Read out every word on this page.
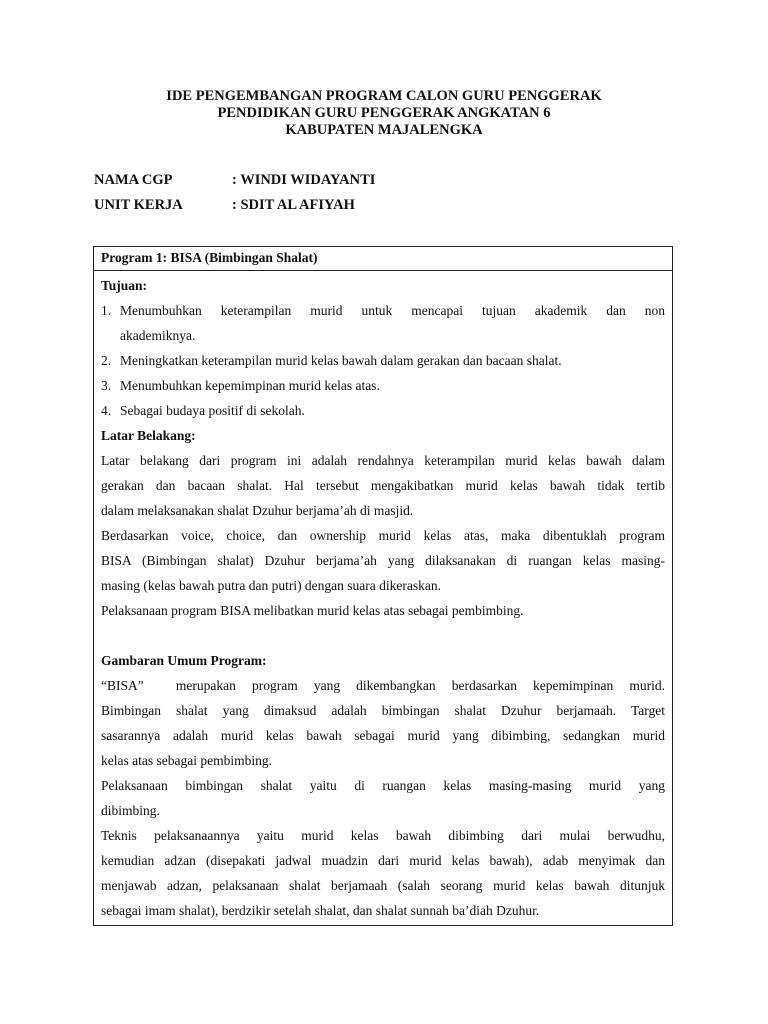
IDE PENGEMBANGAN PROGRAM CALON GURU PENGGERAK
PENDIDIKAN GURU PENGGERAK ANGKATAN 6
KABUPATEN MAJALENGKA
NAMA CGP	: WINDI WIDAYANTI
UNIT KERJA	: SDIT AL AFIYAH
Program 1: BISA (Bimbingan Shalat)
Tujuan:
1. Menumbuhkan keterampilan murid untuk mencapai tujuan akademik dan non
akademiknya.
2. Meningkatkan keterampilan murid kelas bawah dalam gerakan dan bacaan shalat.
3. Menumbuhkan kepemimpinan murid kelas atas.
4. Sebagai budaya positif di sekolah.
Latar Belakang:
Latar belakang dari program ini adalah rendahnya keterampilan murid kelas bawah dalam
gerakan dan bacaan shalat. Hal tersebut mengakibatkan murid kelas bawah tidak tertib
dalam melaksanakan shalat Dzuhur berjama’ah di masjid.
Berdasarkan voice, choice, dan ownership murid kelas atas, maka dibentuklah program
BISA (Bimbingan shalat) Dzuhur berjama’ah yang dilaksanakan di ruangan kelas masing-
masing (kelas bawah putra dan putri) dengan suara dikeraskan.
Pelaksanaan program BISA melibatkan murid kelas atas sebagai pembimbing.
Gambaran Umum Program:
“BISA”  merupakan program yang dikembangkan berdasarkan kepemimpinan murid.
Bimbingan shalat yang dimaksud adalah bimbingan shalat Dzuhur berjamaah. Target
sasarannya adalah murid kelas bawah sebagai murid yang dibimbing, sedangkan murid
kelas atas sebagai pembimbing.
Pelaksanaan bimbingan shalat yaitu di ruangan kelas masing-masing murid yang
dibimbing.
Teknis pelaksanaannya yaitu murid kelas bawah dibimbing dari mulai berwudhu,
kemudian adzan (disepakati jadwal muadzin dari murid kelas bawah), adab menyimak dan
menjawab adzan, pelaksanaan shalat berjamaah (salah seorang murid kelas bawah ditunjuk
sebagai imam shalat), berdzikir setelah shalat, dan shalat sunnah ba’diah Dzuhur.
